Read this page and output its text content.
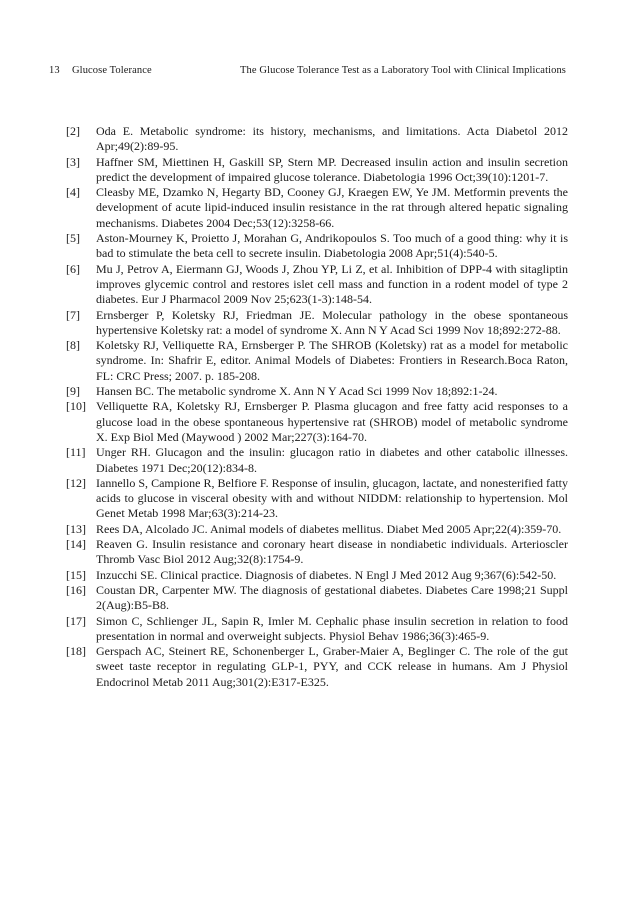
13 Glucose Tolerance	The Glucose Tolerance Test as a Laboratory Tool with Clinical Implications
[2] Oda E. Metabolic syndrome: its history, mechanisms, and limitations. Acta Diabetol 2012 Apr;49(2):89-95.
[3] Haffner SM, Miettinen H, Gaskill SP, Stern MP. Decreased insulin action and insulin secretion predict the development of impaired glucose tolerance. Diabetologia 1996 Oct;39(10):1201-7.
[4] Cleasby ME, Dzamko N, Hegarty BD, Cooney GJ, Kraegen EW, Ye JM. Metformin prevents the development of acute lipid-induced insulin resistance in the rat through altered hepatic signaling mechanisms. Diabetes 2004 Dec;53(12):3258-66.
[5] Aston-Mourney K, Proietto J, Morahan G, Andrikopoulos S. Too much of a good thing: why it is bad to stimulate the beta cell to secrete insulin. Diabetologia 2008 Apr;51(4):540-5.
[6] Mu J, Petrov A, Eiermann GJ, Woods J, Zhou YP, Li Z, et al. Inhibition of DPP-4 with sitagliptin improves glycemic control and restores islet cell mass and function in a rodent model of type 2 diabetes. Eur J Pharmacol 2009 Nov 25;623(1-3):148-54.
[7] Ernsberger P, Koletsky RJ, Friedman JE. Molecular pathology in the obese spontaneous hypertensive Koletsky rat: a model of syndrome X. Ann N Y Acad Sci 1999 Nov 18;892:272-88.
[8] Koletsky RJ, Velliquette RA, Ernsberger P. The SHROB (Koletsky) rat as a model for metabolic syndrome. In: Shafrir E, editor. Animal Models of Diabetes: Frontiers in Research.Boca Raton, FL: CRC Press; 2007. p. 185-208.
[9] Hansen BC. The metabolic syndrome X. Ann N Y Acad Sci 1999 Nov 18;892:1-24.
[10] Velliquette RA, Koletsky RJ, Ernsberger P. Plasma glucagon and free fatty acid responses to a glucose load in the obese spontaneous hypertensive rat (SHROB) model of metabolic syndrome X. Exp Biol Med (Maywood ) 2002 Mar;227(3):164-70.
[11] Unger RH. Glucagon and the insulin: glucagon ratio in diabetes and other catabolic illnesses. Diabetes 1971 Dec;20(12):834-8.
[12] Iannello S, Campione R, Belfiore F. Response of insulin, glucagon, lactate, and nonesterified fatty acids to glucose in visceral obesity with and without NIDDM: relationship to hypertension. Mol Genet Metab 1998 Mar;63(3):214-23.
[13] Rees DA, Alcolado JC. Animal models of diabetes mellitus. Diabet Med 2005 Apr;22(4):359-70.
[14] Reaven G. Insulin resistance and coronary heart disease in nondiabetic individuals. Arterioscler Thromb Vasc Biol 2012 Aug;32(8):1754-9.
[15] Inzucchi SE. Clinical practice. Diagnosis of diabetes. N Engl J Med 2012 Aug 9;367(6):542-50.
[16] Coustan DR, Carpenter MW. The diagnosis of gestational diabetes. Diabetes Care 1998;21 Suppl 2(Aug):B5-B8.
[17] Simon C, Schlienger JL, Sapin R, Imler M. Cephalic phase insulin secretion in relation to food presentation in normal and overweight subjects. Physiol Behav 1986;36(3):465-9.
[18] Gerspach AC, Steinert RE, Schonenberger L, Graber-Maier A, Beglinger C. The role of the gut sweet taste receptor in regulating GLP-1, PYY, and CCK release in humans. Am J Physiol Endocrinol Metab 2011 Aug;301(2):E317-E325.
